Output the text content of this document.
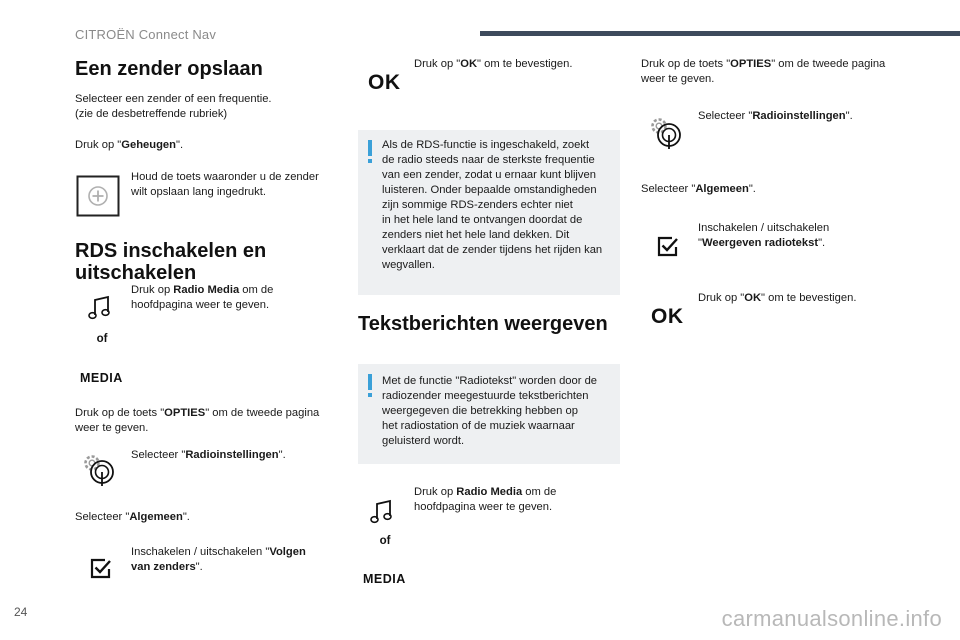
CITROËN Connect Nav
Een zender opslaan
Selecteer een zender of een frequentie.
(zie de desbetreffende rubriek)
Druk op "Geheugen".
Houd de toets waaronder u de zender
wilt opslaan lang ingedrukt.
RDS inschakelen en
uitschakelen
of
MEDIA
Druk op Radio Media om de
hoofdpagina weer te geven.
Druk op de toets "OPTIES" om de tweede pagina
weer te geven.
Selecteer "Radioinstellingen".
Selecteer "Algemeen".
Inschakelen / uitschakelen "Volgen
van zenders".
OK
Druk op "OK" om te bevestigen.
Als de RDS-functie is ingeschakeld, zoekt
de radio steeds naar de sterkste frequentie
van een zender, zodat u ernaar kunt blijven
luisteren. Onder bepaalde omstandigheden
zijn sommige RDS-zenders echter niet
in het hele land te ontvangen doordat de
zenders niet het hele land dekken. Dit
verklaart dat de zender tijdens het rijden kan
wegvallen.
Tekstberichten weergeven
Met de functie "Radiotekst" worden door de
radiozender meegestuurde tekstberichten
weergegeven die betrekking hebben op
het radiostation of de muziek waarnaar
geluisterd wordt.
of
MEDIA
Druk op Radio Media om de
hoofdpagina weer te geven.
Druk op de toets "OPTIES" om de tweede pagina
weer te geven.
Selecteer "Radioinstellingen".
Selecteer "Algemeen".
Inschakelen / uitschakelen
"Weergeven radiotekst".
OK
Druk op "OK" om te bevestigen.
24	carmanualsonline.info
